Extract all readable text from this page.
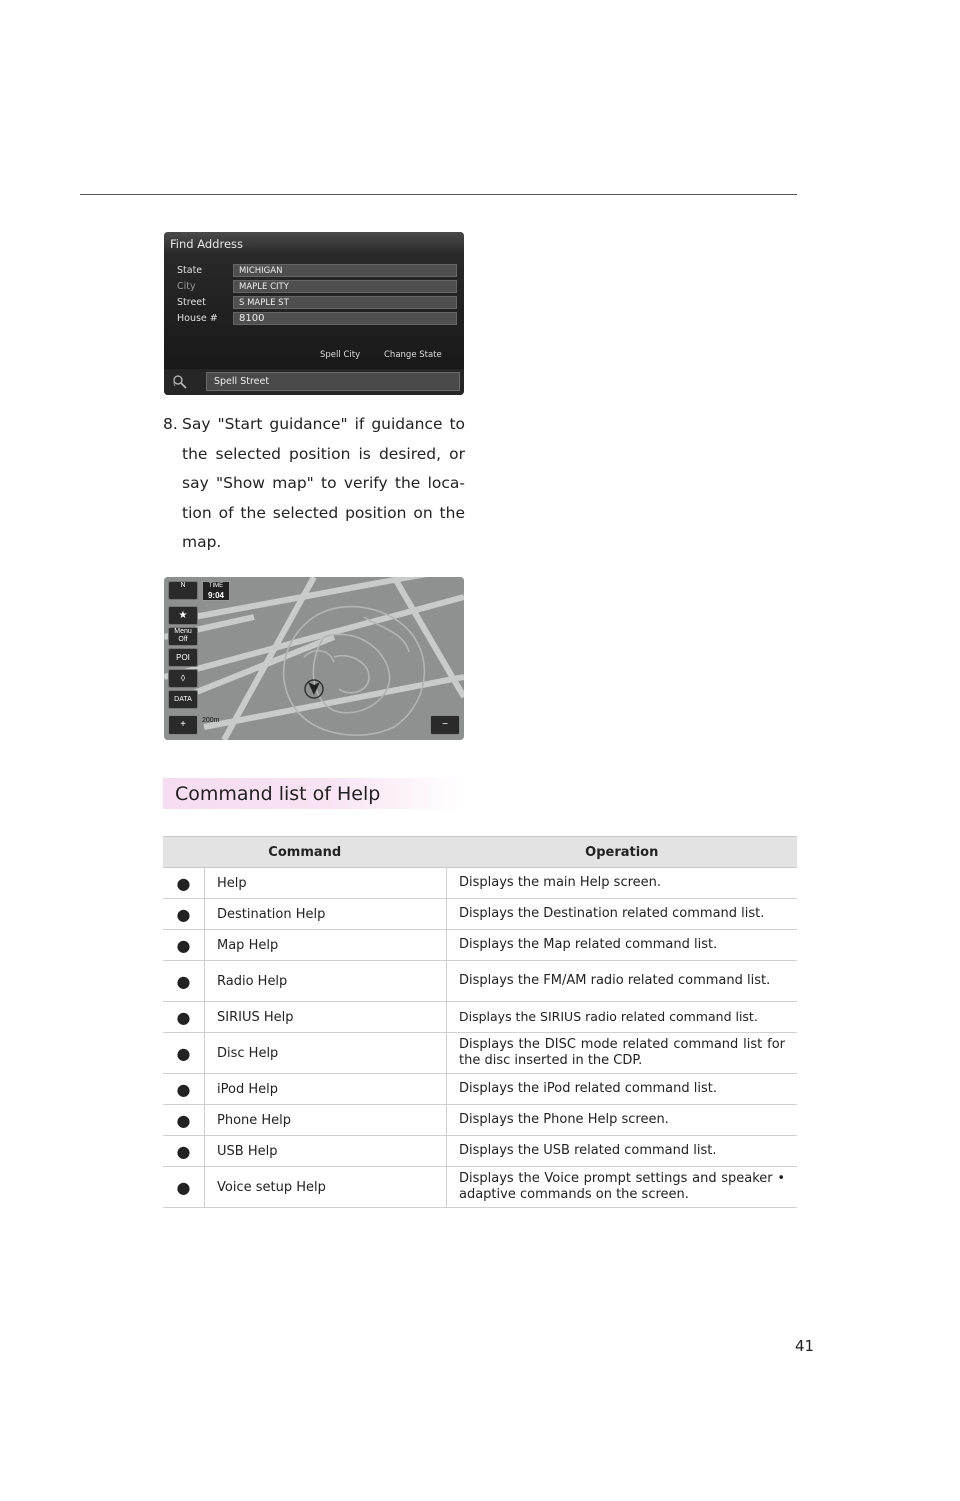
Find Address
State	MICHIGAN
City	MAPLE CITY
Street	S MAPLE ST
House #	8100
Spell City	Change State
Spell Street
8. Say "Start guidance" if guidance to the selected position is desired, or say "Show map" to verify the loca-tion of the selected position on the map.
N	TIME
9:04
★
Menu Off
POI
◊
DATA
+	200m	−
Command list of Help
Command		Operation
●	Help	Displays the main Help screen.
●	Destination Help	Displays the Destination related command list.
●	Map Help	Displays the Map related command list.
●	Radio Help	Displays the FM/AM radio related command list.
●	SIRIUS Help	Displays the SIRIUS radio related command list.
●	Disc Help	Displays the DISC mode related command list for the disc inserted in the CDP.
●	iPod Help	Displays the iPod related command list.
●	Phone Help	Displays the Phone Help screen.
●	USB Help	Displays the USB related command list.
●	Voice setup Help	Displays the Voice prompt settings and speaker • adaptive commands on the screen.
41
